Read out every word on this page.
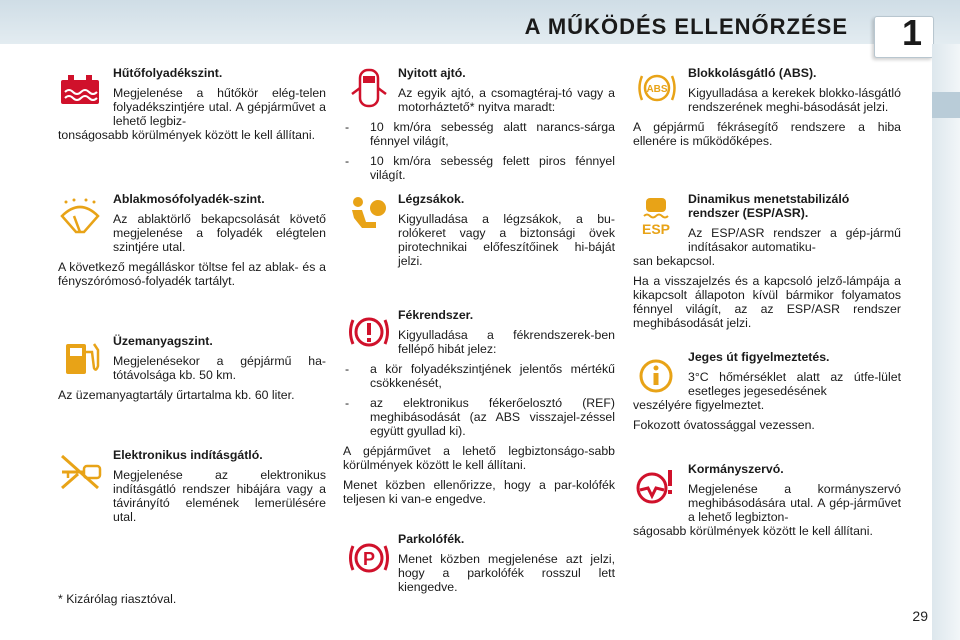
A MŰKÖDÉS ELLENŐRZÉSE 1
Hűtőfolyadékszint.

Megjelenése a hűtőkör elég-telen folyadékszintjére utal. A gépjárművet a lehető legbiz-

tonságosabb körülmények között le kell állítani.

Ablakmosófolyadék-szint.

Az ablaktörlő bekapcsolását követő megjelenése a folyadék elégtelen szintjére utal.

A következő megálláskor töltse fel az ablak- és a fényszórómosó-folyadék tartályt.

Üzemanyagszint.

Megjelenésekor a gépjármű ha-tótávolsága kb. 50 km.

Az üzemanyagtartály űrtartalma kb. 60 liter.

Elektronikus indításgátló.

Megjelenése az elektronikus indításgátló rendszer hibájára vagy a távirányító elemének lemerülésére utal.

Nyitott ajtó.

Az egyik ajtó, a csomagtéraj-tó vagy a motorháztető* nyitva maradt:

- 10 km/óra sebesség alatt narancs-sárga fénnyel világít,
- 10 km/óra sebesség felett piros fénnyel világít.
Légzsákok.

Kigyulladása a légzsákok, a bu-rolókeret vagy a biztonsági övek pirotechnikai előfeszítőinek hi-báját jelzi.

Fékrendszer.

Kigyulladása a fékrendszerek-ben fellépő hibát jelez:

- a kör folyadékszintjének jelentős mértékű csökkenését,
- az elektronikus fékerőelosztó (REF) meghibásodását (az ABS visszajel-zéssel együtt gyullad ki).

A gépjárművet a lehető legbiztonságo-sabb körülmények között le kell állítani.

Menet közben ellenőrizze, hogy a par-kolófék teljesen ki van-e engedve.

P
Parkolófék.

Menet közben megjelenése azt jelzi, hogy a parkolófék rosszul lett kiengedve.

ABS
Blokkolásgátló (ABS).

Kigyulladása a kerekek blokko-lásgátló rendszerének meghi-básodását jelzi.

A gépjármű fékrásegítő rendszere a hiba ellenére is működőképes.

ESP
Dinamikus menetstabilizáló rendszer (ESP/ASR).

Az ESP/ASR rendszer a gép-jármű indításakor automatiku-

san bekapcsol.

Ha a visszajelzés és a kapcsoló jelző-lámpája a kikapcsolt állapoton kívül bármikor folyamatos fénnyel világít, az az ESP/ASR rendszer meghibásodását jelzi.

Jeges út figyelmeztetés.

3°C hőmérséklet alatt az útfe-lület esetleges jegesedésének

veszélyére figyelmeztet.

Fokozott óvatossággal vezessen.

Kormányszervó.

Megjelenése a kormányszervó meghibásodására utal. A gép-járművet a lehető legbizton-

ságosabb körülmények között le kell állítani.

* Kizárólag riasztóval.
29
